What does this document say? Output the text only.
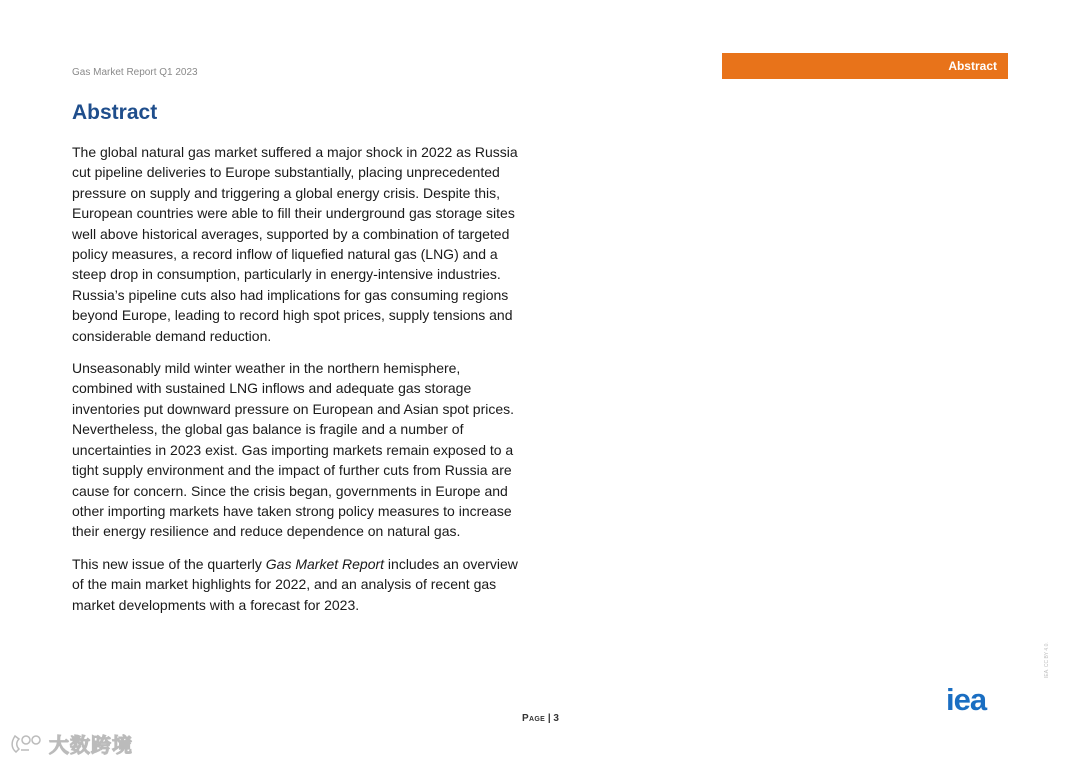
Gas Market Report Q1 2023	Abstract
Abstract

The global natural gas market suffered a major shock in 2022 as Russia cut pipeline deliveries to Europe substantially, placing unprecedented pressure on supply and triggering a global energy crisis. Despite this, European countries were able to fill their underground gas storage sites well above historical averages, supported by a combination of targeted policy measures, a record inflow of liquefied natural gas (LNG) and a steep drop in consumption, particularly in energy-intensive industries. Russia’s pipeline cuts also had implications for gas consuming regions beyond Europe, leading to record high spot prices, supply tensions and considerable demand reduction.

Unseasonably mild winter weather in the northern hemisphere, combined with sustained LNG inflows and adequate gas storage inventories put downward pressure on European and Asian spot prices. Nevertheless, the global gas balance is fragile and a number of uncertainties in 2023 exist. Gas importing markets remain exposed to a tight supply environment and the impact of further cuts from Russia are cause for concern. Since the crisis began, governments in Europe and other importing markets have taken strong policy measures to increase their energy resilience and reduce dependence on natural gas.

This new issue of the quarterly Gas Market Report includes an overview of the main market highlights for 2022, and an analysis of recent gas market developments with a forecast for 2023.

Page | 3
iea
IEA. CC BY 4.0.
大数跨境
